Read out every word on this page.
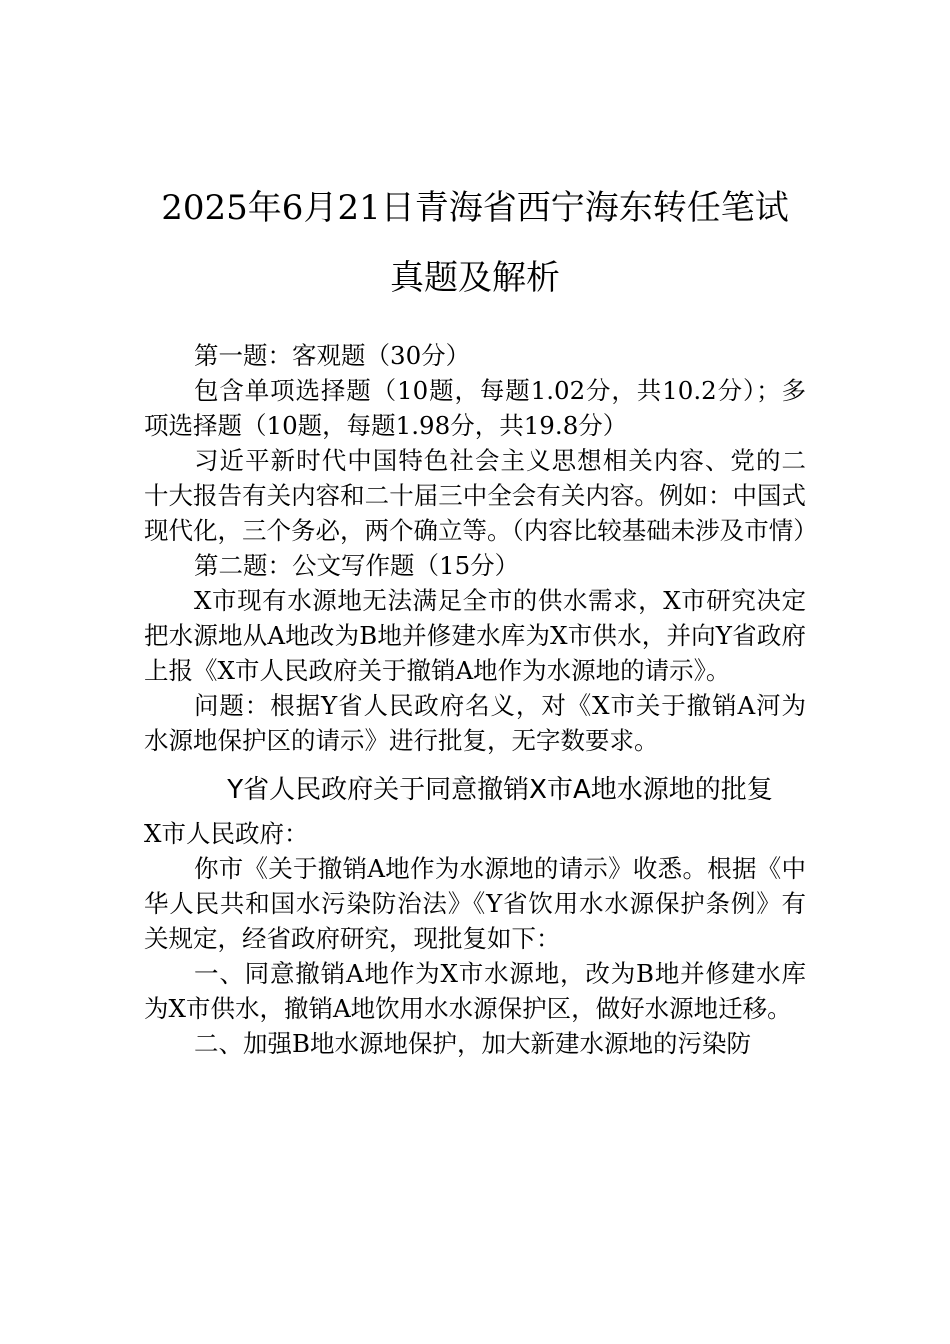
2025年6月21日青海省西宁海东转任笔试
真题及解析

第一题：客观题（30分）

包含单项选择题（10题，每题1.02分，共10.2分）；多项选择题（10题，每题1.98分，共19.8分）

习近平新时代中国特色社会主义思想相关内容、党的二十大报告有关内容和二十届三中全会有关内容。例如：中国式现代化，三个务必，两个确立等。（内容比较基础未涉及市情）

第二题：公文写作题（15分）

X市现有水源地无法满足全市的供水需求，X市研究决定把水源地从A地改为B地并修建水库为X市供水，并向Y省政府上报《X市人民政府关于撤销A地作为水源地的请示》。

问题：根据Y省人民政府名义，对《X市关于撤销A河为水源地保护区的请示》进行批复，无字数要求。

Y省人民政府关于同意撤销X市A地水源地的批复

X市人民政府：

你市《关于撤销A地作为水源地的请示》收悉。根据《中华人民共和国水污染防治法》《Y省饮用水水源保护条例》有关规定，经省政府研究，现批复如下：

一、同意撤销A地作为X市水源地，改为B地并修建水库为X市供水，撤销A地饮用水水源保护区，做好水源地迁移。

二、加强B地水源地保护，加大新建水源地的污染防
